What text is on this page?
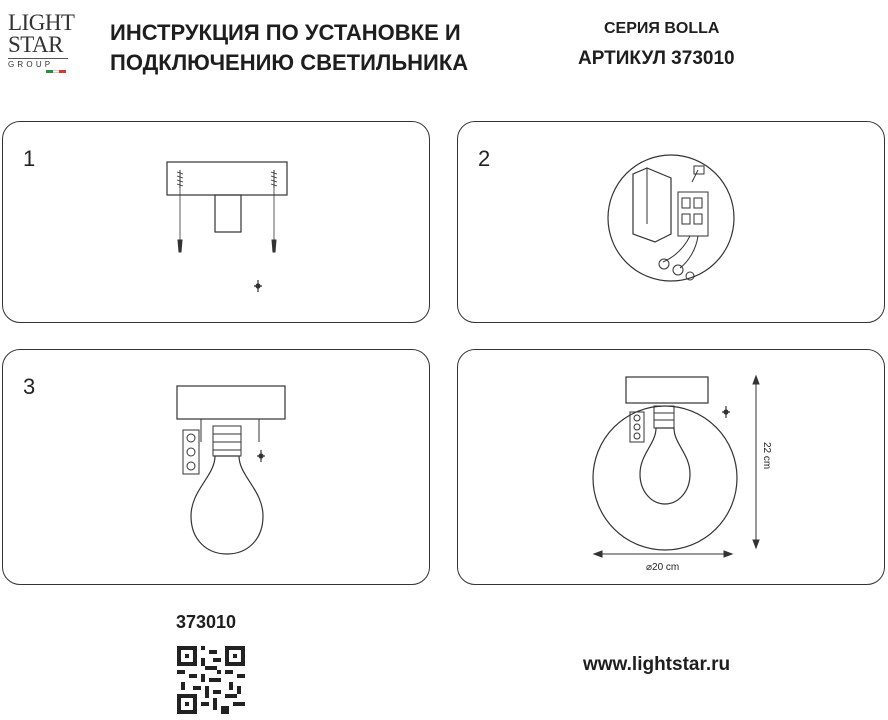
LIGHT
STAR
GROUP
ИНСТРУКЦИЯ ПО УСТАНОВКЕ И
ПОДКЛЮЧЕНИЮ СВЕТИЛЬНИКА
СЕРИЯ BOLLA
АРТИКУЛ 373010
1	2
3
22 cm
⌀20 cm
373010
www.lightstar.ru
